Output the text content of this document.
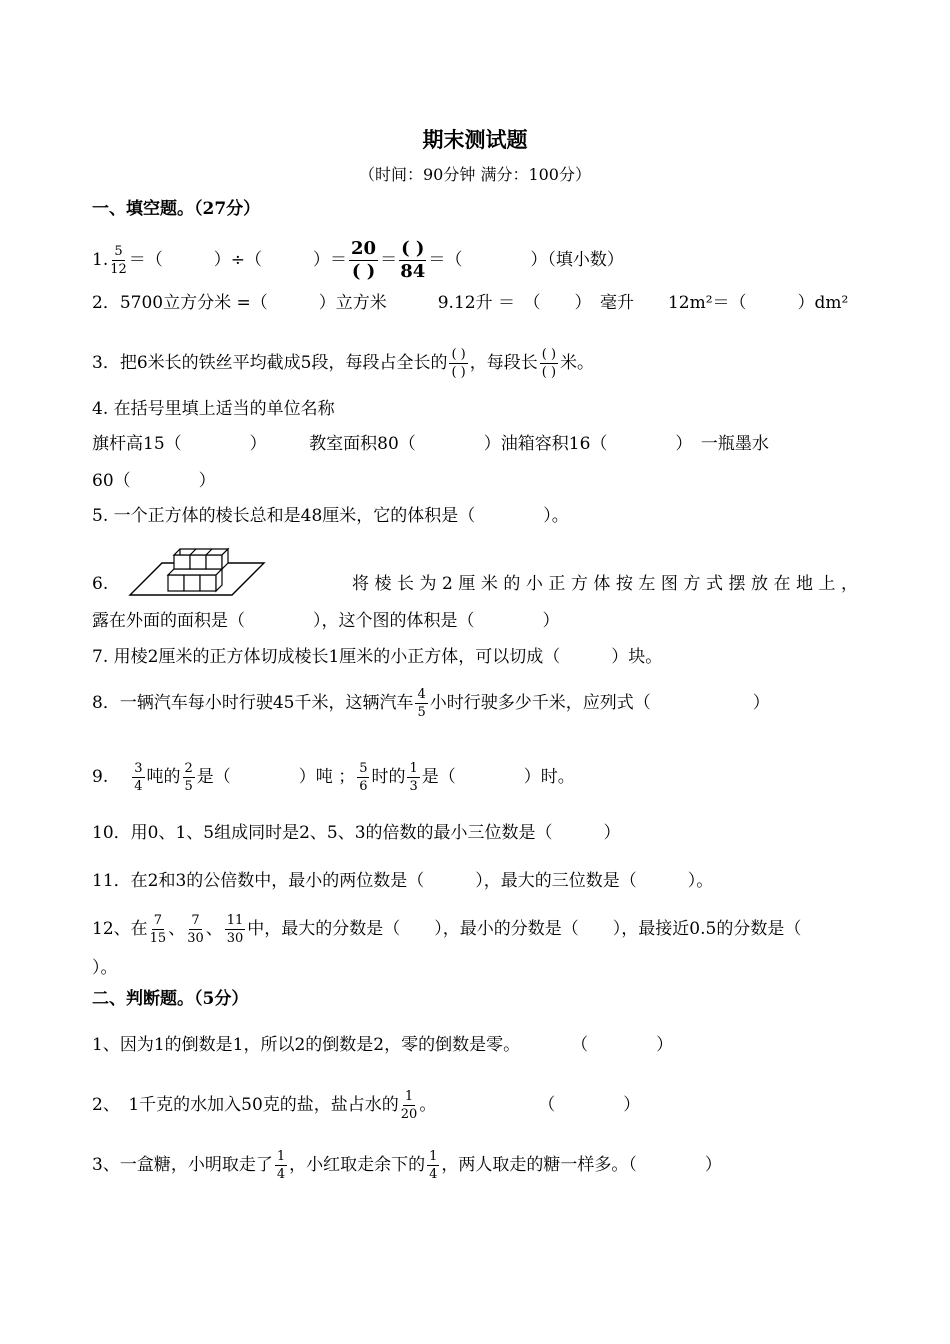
期末测试题
（时间：90分钟 满分：100分）
一、填空题。（27分）
1. $\frac{5}{12}$ ＝（　　　）÷（　　　）＝ $\frac{20}{( )} = \frac{( )}{84}$ ＝（　　　　）（填小数）
2．5700立方分米 =（　　　）立方米　　　9.12升 ＝　（　　）　毫升　　12m²＝（　　　）dm²
3．把6米长的铁丝平均截成5段，每段占全长的 $\frac{( )}{( )}$ ，每段长 $\frac{( )}{( )}$ 米。
4. 在括号里填上适当的单位名称
旗杆高15（　　　　）　　　教室面积80（　　　　）油箱容积16（　　　　）　一瓶墨水
60（　　　　）
5. 一个正方体的棱长总和是48厘米，它的体积是（　　　　）。
6.	将棱长为2厘米的小正方体按左图方式摆放在地上，
露在外面的面积是（　　　　），这个图的体积是（　　　　）
7. 用棱2厘米的正方体切成棱长1厘米的小正方体，可以切成（　　　）块。
8．一辆汽车每小时行驶45千米，这辆汽车 $\frac{4}{5}$ 小时行驶多少千米，应列式（　　　　　　）
9. $\frac{3}{4}$ 吨的 $\frac{2}{5}$ 是（　　　　）吨 ； $\frac{5}{6}$ 时的 $\frac{1}{3}$ 是（　　　　）时。
10．用0、1、5组成同时是2、5、3的倍数的最小三位数是（　　　）
11．在2和3的公倍数中，最小的两位数是（　　　），最大的三位数是（　　　）。
12、在 $\frac{7}{15}$ 、 $\frac{7}{30}$ 、 $\frac{11}{30}$ 中，最大的分数是（　　），最小的分数是（　　），最接近0.5的分数是（
）。
二、判断题。（5分）
1、因为1的倒数是1，所以2的倒数是2，零的倒数是零。　　　　（　　　　）
2、　1千克的水加入50克的盐，盐占水的 $\frac{1}{20}$ 。　　　　　　　（　　　　）
3、一盒糖，小明取走了 $\frac{1}{4}$ ，小红取走余下的 $\frac{1}{4}$ ，两人取走的糖一样多。（　　　　）
